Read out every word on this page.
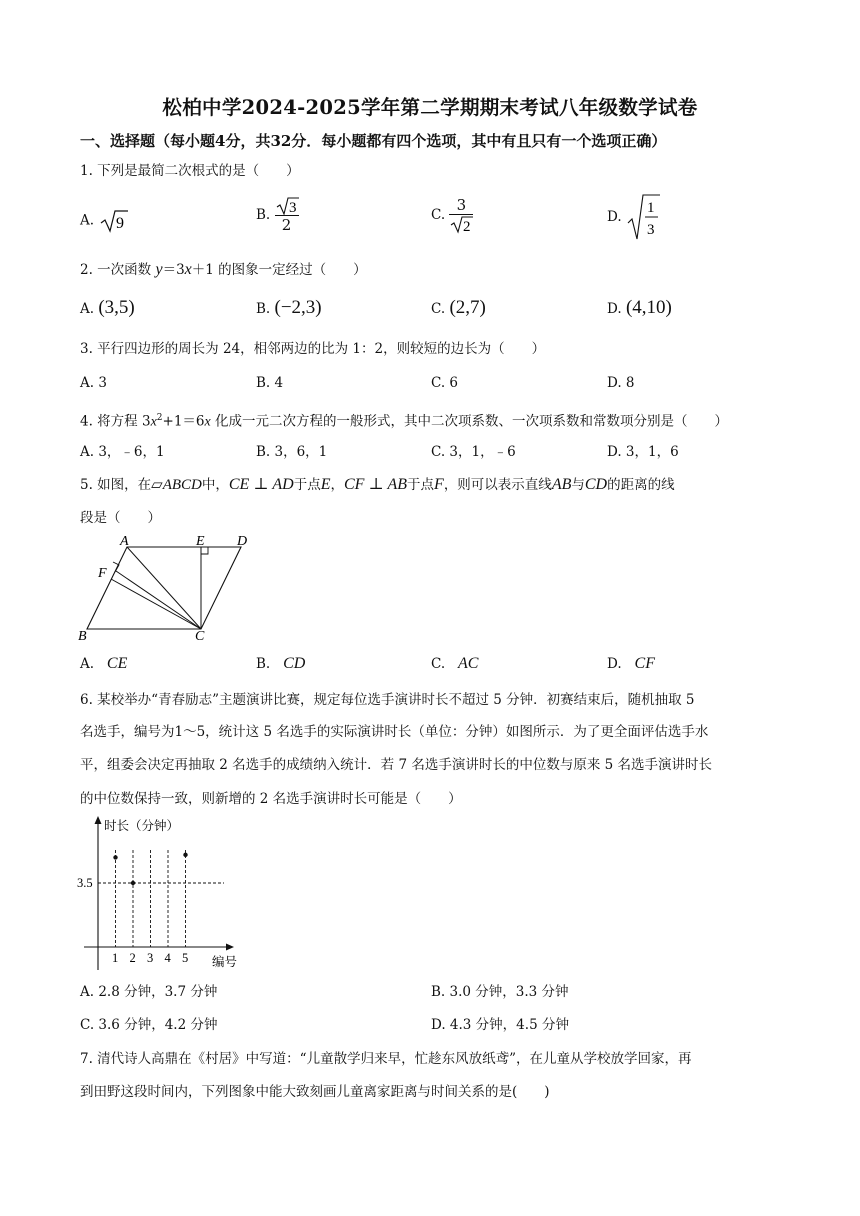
松柏中学2024-2025学年第二学期期末考试八年级数学试卷
一、选择题（每小题4分，共32分．每小题都有四个选项，其中有且只有一个选项正确）
1. 下列是最简二次根式的是（　　）
A. 9	B. $\frac{3}{2}$	C. $\frac{3}{2}$	D.
1
3
2. 一次函数 y＝3x＋1 的图象一定经过（　　）
A. (3,5)	B. (−2,3)	C. (2,7)	D. (4,10)
3. 平行四边形的周长为 24，相邻两边的比为 1：2，则较短的边长为（　　）
A. 3	B. 4	C. 6	D. 8
4. 将方程 $3x^2+1=6x$ 化成一元二次方程的一般形式，其中二次项系数、一次项系数和常数项分别是（　　）
A. 3，﹣6，1	B. 3，6，1	C. 3，1，﹣6	D. 3，1，6
5. 如图，在▱ABCD中，CE ⊥ AD于点E，CF ⊥ AB于点F，则可以表示直线AB与CD的距离的线
段是（　　）
A	E D
F
B	C
A. CE	B. CD	C. AC	D. CF
6. 某校举办“青春励志”主题演讲比赛，规定每位选手演讲时长不超过 5 分钟．初赛结束后，随机抽取 5
名选手，编号为1～5，统计这 5 名选手的实际演讲时长（单位：分钟）如图所示．为了更全面评估选手水
平，组委会决定再抽取 2 名选手的成绩纳入统计．若 7 名选手演讲时长的中位数与原来 5 名选手演讲时长
的中位数保持一致，则新增的 2 名选手演讲时长可能是（　　）
时长（分钟）
编号
3.5
1 2 3 4 5
A. 2.8 分钟，3.7 分钟	B. 3.0 分钟，3.3 分钟
C. 3.6 分钟，4.2 分钟	D. 4.3 分钟，4.5 分钟
7. 清代诗人高鼎在《村居》中写道：“儿童散学归来早，忙趁东风放纸鸢”，在儿童从学校放学回家，再
到田野这段时间内，下列图象中能大致刻画儿童离家距离与时间关系的是(　　)
